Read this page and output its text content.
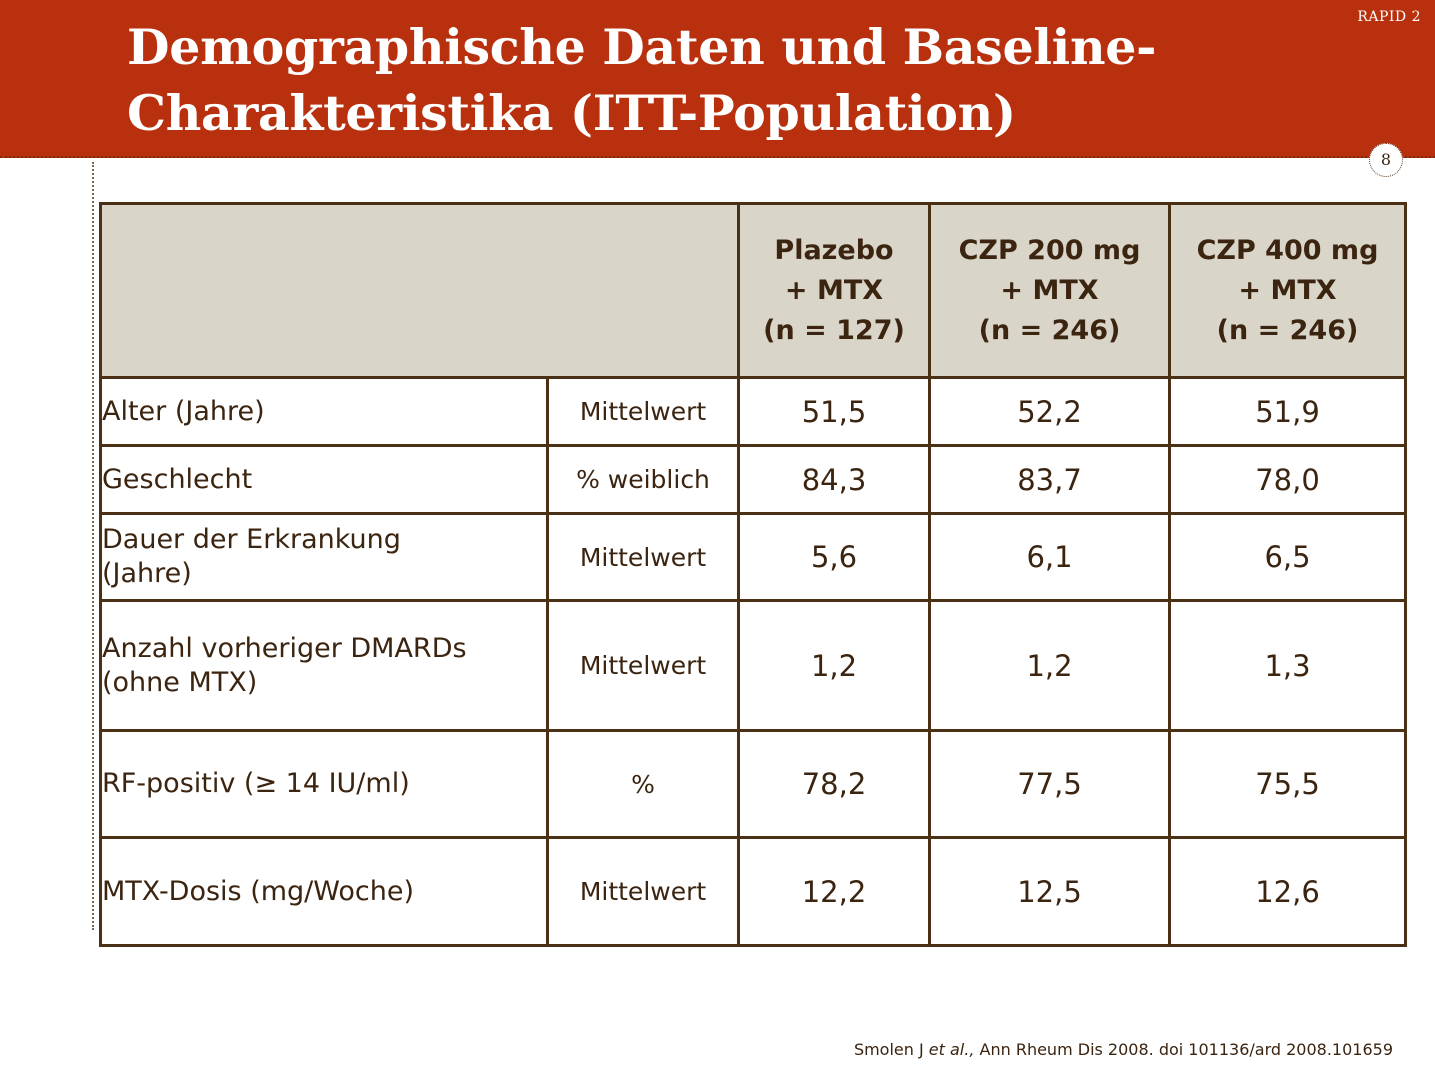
Demographische Daten und Baseline-
Charakteristika (ITT-Population)
RAPID 2
8

		Plazebo
+ MTX
(n = 127)	CZP 200 mg
+ MTX
(n = 246)	CZP 400 mg
+ MTX
(n = 246)

Alter (Jahre)	Mittelwert	51,5	52,2	51,9

Geschlecht	% weiblich	84,3	83,7	78,0

Dauer der Erkrankung
(Jahre)	Mittelwert	5,6	6,1	6,5

Anzahl vorheriger DMARDs
(ohne MTX)	Mittelwert	1,2	1,2	1,3

RF-positiv (≥ 14 IU/ml)	%	78,2	77,5	75,5

MTX-Dosis (mg/Woche)	Mittelwert	12,2	12,5	12,6
Smolen J et al., Ann Rheum Dis 2008. doi 101136/ard 2008.101659
